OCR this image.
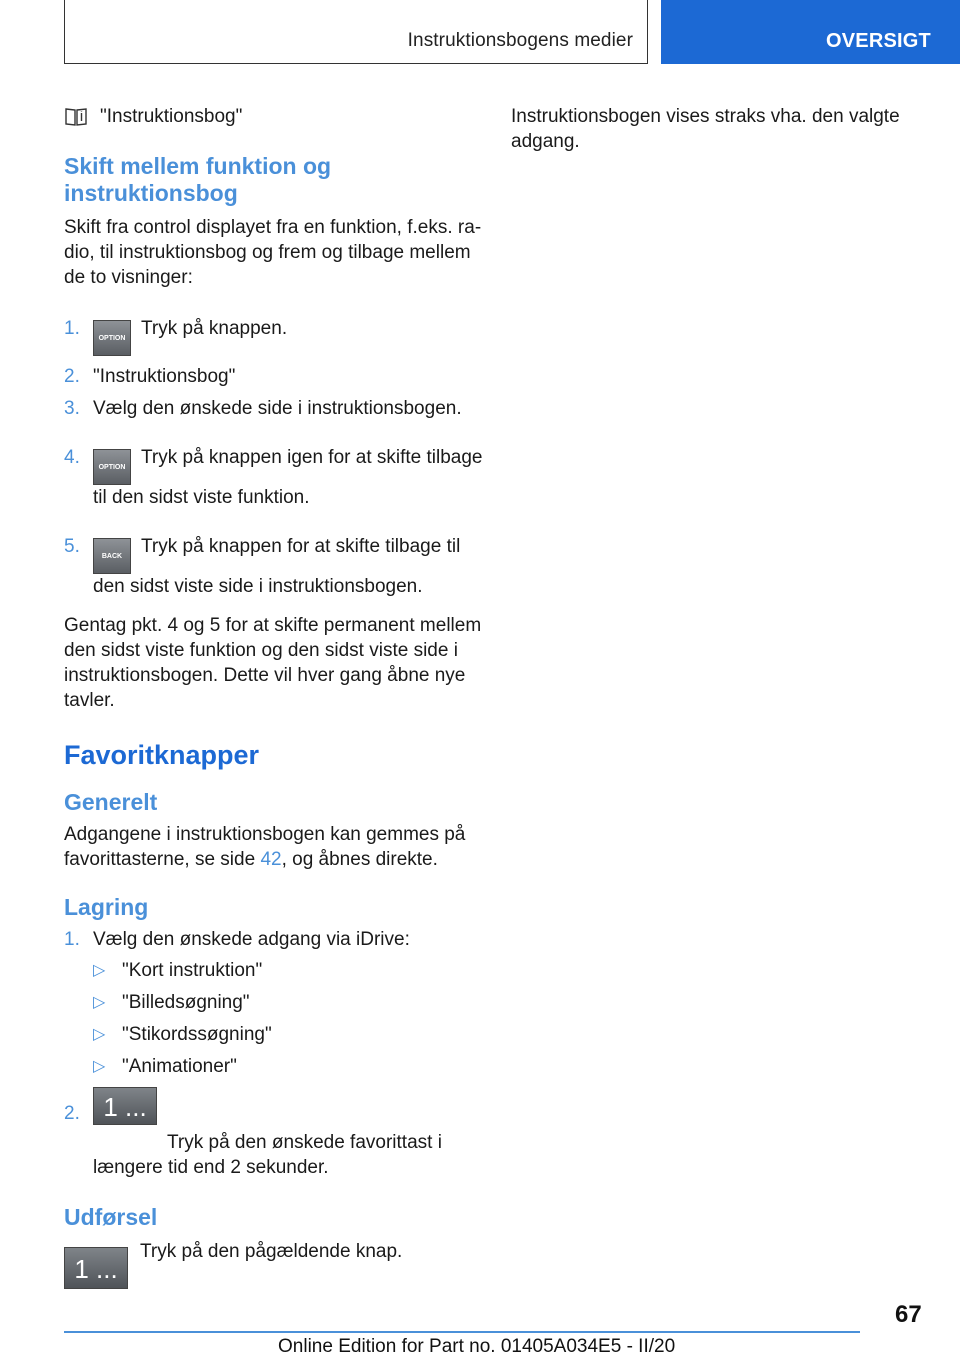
Instruktionsbogens medier	OVERSIGT
"Instruktionsbog"
Skift mellem funktion og instruktionsbog

Skift fra control displayet fra en funktion, f.eks. radio, til instruktionsbog og frem og tilbage mellem de to visninger:

1.	OPTION Tryk på knappen.
2. "Instruktionsbog"
3. Vælg den ønskede side i instruktionsbogen.
4.	OPTION Tryk på knappen igen for at skifte tilbage til den sidst viste funktion.
5.	BACK Tryk på knappen for at skifte tilbage til den sidst viste side i instruktionsbogen.

Gentag pkt. 4 og 5 for at skifte permanent mellem den sidst viste funktion og den sidst viste side i instruktionsbogen. Dette vil hver gang åbne nye tavler.

Favoritknapper
Generelt

Adgangene i instruktionsbogen kan gemmes på favorittasterne, se side 42, og åbnes direkte.

Lagring
1. Vælg den ønskede adgang via iDrive:
▷ "Kort instruktion"
▷ "Billedsøgning"
▷ "Stikordssøgning"
▷ "Animationer"
2. 1 ... 7 Tryk på den ønskede favorittast i længere tid end 2 sekunder.
Udførsel
1 ... 7

Tryk på den pågældende knap.

Instruktionsbogen vises straks vha. den valgte adgang.

67
Online Edition for Part no. 01405A034E5 - II/20
